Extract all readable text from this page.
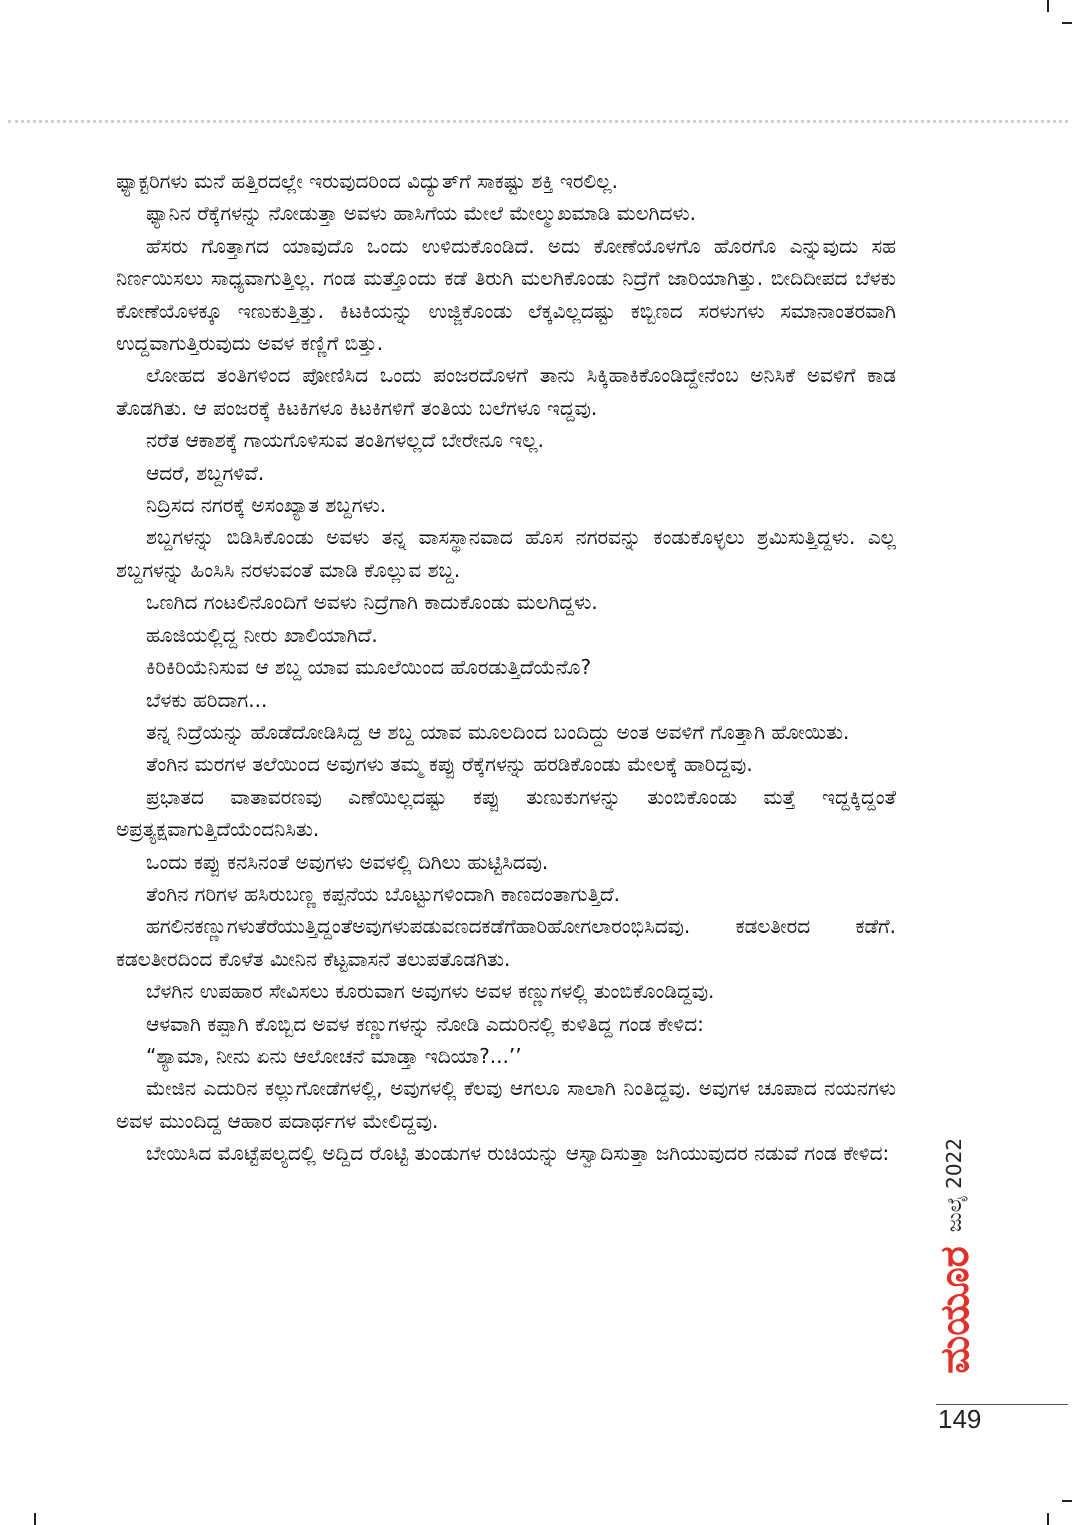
ಫ್ಯಾಕ್ಟರಿಗಳು ಮನೆ ಹತ್ತಿರದಲ್ಲೇ ಇರುವುದರಿಂದ ವಿದ್ಯುತ್‌ಗೆ ಸಾಕಷ್ಟು ಶಕ್ತಿ ಇರಲಿಲ್ಲ.

ಫ್ಯಾನಿನ ರೆಕ್ಕೆಗಳನ್ನು ನೋಡುತ್ತಾ ಅವಳು ಹಾಸಿಗೆಯ ಮೇಲೆ ಮೇಲ್ಮುಖಮಾಡಿ ಮಲಗಿದಳು.

ಹೆಸರು ಗೊತ್ತಾಗದ ಯಾವುದೊ ಒಂದು ಉಳಿದುಕೊಂಡಿದೆ. ಅದು ಕೋಣೆಯೊಳಗೊ ಹೊರಗೊ ಎನ್ನುವುದು ಸಹ ನಿರ್ಣಯಿಸಲು ಸಾಧ್ಯವಾಗುತ್ತಿಲ್ಲ. ಗಂಡ ಮತ್ತೊಂದು ಕಡೆ ತಿರುಗಿ ಮಲಗಿಕೊಂಡು ನಿದ್ರೆಗೆ ಜಾರಿಯಾಗಿತ್ತು. ಬೀದಿದೀಪದ ಬೆಳಕು ಕೋಣೆಯೊಳಕ್ಕೂ ಇಣುಕುತ್ತಿತ್ತು. ಕಿಟಕಿಯನ್ನು ಉಜ್ಜಿಕೊಂಡು ಲೆಕ್ಕವಿಲ್ಲದಷ್ಟು ಕಬ್ಬಿಣದ ಸರಳುಗಳು ಸಮಾನಾಂತರವಾಗಿ ಉದ್ದವಾಗುತ್ತಿರುವುದು ಅವಳ ಕಣ್ಣಿಗೆ ಬಿತ್ತು.

ಲೋಹದ ತಂತಿಗಳಿಂದ ಪೋಣಿಸಿದ ಒಂದು ಪಂಜರದೊಳಗೆ ತಾನು ಸಿಕ್ಕಿಹಾಕಿಕೊಂಡಿದ್ದೇನೆಂಬ ಅನಿಸಿಕೆ ಅವಳಿಗೆ ಕಾಡ ತೊಡಗಿತು. ಆ ಪಂಜರಕ್ಕೆ ಕಿಟಕಿಗಳೂ ಕಿಟಕಿಗಳಿಗೆ ತಂತಿಯ ಬಲೆಗಳೂ ಇದ್ದವು.

ನರೆತ ಆಕಾಶಕ್ಕೆ ಗಾಯಗೊಳಿಸುವ ತಂತಿಗಳಲ್ಲದೆ ಬೇರೇನೂ ಇಲ್ಲ.

ಆದರೆ, ಶಬ್ದಗಳಿವೆ.

ನಿದ್ರಿಸದ ನಗರಕ್ಕೆ ಅಸಂಖ್ಯಾತ ಶಬ್ದಗಳು.

ಶಬ್ದಗಳನ್ನು ಬಿಡಿಸಿಕೊಂಡು ಅವಳು ತನ್ನ ವಾಸಸ್ಥಾನವಾದ ಹೊಸ ನಗರವನ್ನು ಕಂಡುಕೊಳ್ಳಲು ಶ್ರಮಿಸುತ್ತಿದ್ದಳು. ಎಲ್ಲ ಶಬ್ದಗಳನ್ನು ಹಿಂಸಿಸಿ ನರಳುವಂತೆ ಮಾಡಿ ಕೊಲ್ಲುವ ಶಬ್ದ.

ಒಣಗಿದ ಗಂಟಲಿನೊಂದಿಗೆ ಅವಳು ನಿದ್ರೆಗಾಗಿ ಕಾದುಕೊಂಡು ಮಲಗಿದ್ದಳು.

ಹೂಜಿಯಲ್ಲಿದ್ದ ನೀರು ಖಾಲಿಯಾಗಿದೆ.

ಕಿರಿಕಿರಿಯೆನಿಸುವ ಆ ಶಬ್ದ ಯಾವ ಮೂಲೆಯಿಂದ ಹೊರಡುತ್ತಿದೆಯೆನೊ?

ಬೆಳಕು ಹರಿದಾಗ...

ತನ್ನ ನಿದ್ರೆಯನ್ನು ಹೊಡೆದೋಡಿಸಿದ್ದ ಆ ಶಬ್ದ ಯಾವ ಮೂಲದಿಂದ ಬಂದಿದ್ದು ಅಂತ ಅವಳಿಗೆ ಗೊತ್ತಾಗಿ ಹೋಯಿತು.

ತೆಂಗಿನ ಮರಗಳ ತಲೆಯಿಂದ ಅವುಗಳು ತಮ್ಮ ಕಪ್ಪು ರೆಕ್ಕೆಗಳನ್ನು ಹರಡಿಕೊಂಡು ಮೇಲಕ್ಕೆ ಹಾರಿದ್ದವು.

ಪ್ರಭಾತದ ವಾತಾವರಣವು ಎಣೆಯಿಲ್ಲದಷ್ಟು ಕಪ್ಪು ತುಣುಕುಗಳನ್ನು ತುಂಬಿಕೊಂಡು ಮತ್ತೆ ಇದ್ದಕ್ಕಿದ್ದಂತೆ ಅಪ್ರತ್ಯಕ್ಷವಾಗುತ್ತಿದೆಯೆಂದನಿಸಿತು.

ಒಂದು ಕಪ್ಪು ಕನಸಿನಂತೆ ಅವುಗಳು ಅವಳಲ್ಲಿ ದಿಗಿಲು ಹುಟ್ಟಿಸಿದವು.

ತೆಂಗಿನ ಗರಿಗಳ ಹಸಿರುಬಣ್ಣ ಕಪ್ಪನೆಯ ಬೊಟ್ಟುಗಳಿಂದಾಗಿ ಕಾಣದಂತಾಗುತ್ತಿದೆ.

ಹಗಲಿನಕಣ್ಣುಗಳುತೆರೆಯುತ್ತಿದ್ದಂತೆಅವುಗಳುಪಡುವಣದಕಡೆಗೆಹಾರಿಹೋಗಲಾರಂಭಿಸಿದವು. ಕಡಲತೀರದ ಕಡೆಗೆ. ಕಡಲತೀರದಿಂದ ಕೊಳೆತ ಮೀನಿನ ಕೆಟ್ಟವಾಸನೆ ತಲುಪತೊಡಗಿತು.

ಬೆಳಗಿನ ಉಪಹಾರ ಸೇವಿಸಲು ಕೂರುವಾಗ ಅವುಗಳು ಅವಳ ಕಣ್ಣುಗಳಲ್ಲಿ ತುಂಬಿಕೊಂಡಿದ್ದವು.

ಆಳವಾಗಿ ಕಪ್ಪಾಗಿ ಕೊಬ್ಬಿದ ಅವಳ ಕಣ್ಣುಗಳನ್ನು ನೋಡಿ ಎದುರಿನಲ್ಲಿ ಕುಳಿತಿದ್ದ ಗಂಡ ಕೇಳಿದ:

“ಶ್ಯಾಮಾ, ನೀನು ಏನು ಆಲೋಚನೆ ಮಾಡ್ತಾ ಇದಿಯಾ?...’’

ಮೇಜಿನ ಎದುರಿನ ಕಲ್ಲುಗೋಡೆಗಳಲ್ಲಿ, ಅವುಗಳಲ್ಲಿ ಕೆಲವು ಆಗಲೂ ಸಾಲಾಗಿ ನಿಂತಿದ್ದವು. ಅವುಗಳ ಚೂಪಾದ ನಯನಗಳು ಅವಳ ಮುಂದಿದ್ದ ಆಹಾರ ಪದಾರ್ಥಗಳ ಮೇಲಿದ್ದವು.

ಬೇಯಿಸಿದ ಮೊಟ್ಟೆಪಲ್ಯದಲ್ಲಿ ಅದ್ದಿದ ರೊಟ್ಟಿ ತುಂಡುಗಳ ರುಚಿಯನ್ನು ಆಸ್ವಾದಿಸುತ್ತಾ ಜಗಿಯುವುದರ ನಡುವೆ ಗಂಡ ಕೇಳಿದ:	ಜುಲೈ 2022
ಮಯೂರ
149
